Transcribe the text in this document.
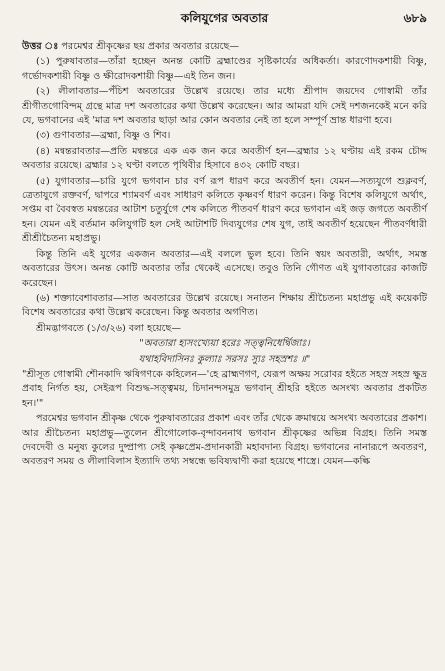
কলিযুগের অবতার	৬৮৯

উত্তর ঃ পরমেশ্বর শ্রীকৃষ্ণের ছয় প্রকার অবতার রয়েছে—

(১) পুরুষাবতার—তাঁরা হচ্ছেন অনন্ত কোটি ব্রহ্মাণ্ডের সৃষ্টিকার্যের অধিকর্তা। কারণোদকশায়ী বিষ্ণু, গর্ভোদকশায়ী বিষ্ণু ও ক্ষীরোদকশায়ী বিষ্ণু—এই তিন জন।

(২) লীলাবতার—পঁচিশ অবতারের উল্লেখ রয়েছে। তার মধ্যে শ্রীপাদ জয়দেব গোস্বামী তাঁর শ্রীগীতগোবিন্দম্‌ গ্রন্থে মাত্র দশ অবতারের কথা উল্লেখ করেছেন। আর আমরা যদি সেই দশজনকেই মনে করি যে, ভগবানের এই 'মাত্র দশ অবতার ছাড়া আর কোন অবতার নেই তা হলে সম্পূর্ণ ভ্রান্ত ধারণা হবে।

(৩) গুণাবতার—ব্রহ্মা, বিষ্ণু ও শিব।

(৪) মন্বন্তরাবতার—প্রতি মন্বন্তরে এক এক জন করে অবতীর্ণ হন—ব্রহ্মার ১২ ঘণ্টায় এই রকম চৌদ্দ অবতার রয়েছে। ব্রহ্মার ১২ ঘণ্টা বলতে পৃথিবীর হিসাবে ৪৩২ কোটি বছর।

(৫) যুগাবতার—চারি যুগে ভগবান চার বর্ণ রূপ ধারণ করে অবতীর্ণ হন। যেমন—সত্যযুগে শুক্লবর্ণ, ত্রেতাযুগে রক্তবর্ণ, দ্বাপরে শ্যামবর্ণ এবং সাধারণ কলিতে কৃষ্ণবর্ণ ধারণ করেন। কিন্তু বিশেষ কলিযুগে অর্থাৎ, সপ্তম বা বৈবস্বত মন্বন্তরের আটাশ চতুর্যুগে শেষ কলিতে পীতবর্ণ ধারণ করে ভগবান এই জড় জগতে অবতীর্ণ হন। যেমন এই বর্তমান কলিযুগটি হল সেই আটাশটি দিব্যযুগের শেষ যুগ, তাই অবতীর্ণ হয়েছেন পীতবর্ণধারী শ্রীশ্রীচৈতন্য মহাপ্রভু।

কিন্তু তিনি এই যুগের একজন অবতার—এই বললে ভুল হবে। তিনি স্বয়ং অবতারী, অর্থাৎ, সমস্ত অবতারের উৎস। অনন্ত কোটি অবতার তাঁর থেকেই এসেছে। তবুও তিনি গৌণত এই যুগাবতারের কাজটি করেছেন।

(৬) শক্ত্যাবেশাবতার—সাত অবতারের উল্লেখ রয়েছে। সনাতন শিক্ষায় শ্রীচৈতন্য মহাপ্রভু এই কয়েকটি বিশেষ অবতারের কথা উল্লেখ করেছেন। কিন্তু অবতার অগণিত।

শ্রীমদ্ভাগবতে (১/৩/২৬) বলা হয়েছে—

"অবতারা হ্যসংখ্যেয়া হরেঃ সত্ত্বনিধের্দ্বিজাঃ।

যথাহবিদাসিনঃ কুল্যাঃ সরসঃ স্যুঃ সহস্রশঃ ॥"

"শ্রীসূত গোস্বামী শৌনকাদি ঋষিগণকে কহিলেন—'হে ব্রাহ্মণগণ, যেরূপ অক্ষয় সরোবর হইতে সহস্র সহস্র ক্ষুদ্র প্রবাহ নির্গত হয়, সেইরূপ বিশুদ্ধ-সত্ত্বময়, চিদানন্দসমুদ্র ভগবান্‌ শ্রীহরি হইতে অসংখ্য অবতার প্রকটিত হন।'"

পরমেশ্বর ভগবান শ্রীকৃষ্ণ থেকে পুরুষাবতারের প্রকাশ এবং তাঁর থেকে ক্রমান্বয়ে অসংখ্য অবতারের প্রকাশ। আর শ্রীচৈতন্য মহাপ্রভু—তুলেন শ্রীগোলোক-বৃন্দাবননাথ ভগবান শ্রীকৃষ্ণের অভিন্ন বিগ্রহ। তিনি সমস্ত দেবদেবী ও মনুষ্য কুলের দুষ্প্রাপ্য সেই কৃষ্ণপ্রেম-প্রদানকারী মহাবদান্য বিগ্রহ। ভগবানের নানারূপে অবতরণ, অবতরণ সময় ও লীলাবিলাস ইত্যাদি তথ্য সম্বন্ধে ভবিষ্যদ্বাণী করা হয়েছে শাস্ত্রে। যেমন—কল্কি
